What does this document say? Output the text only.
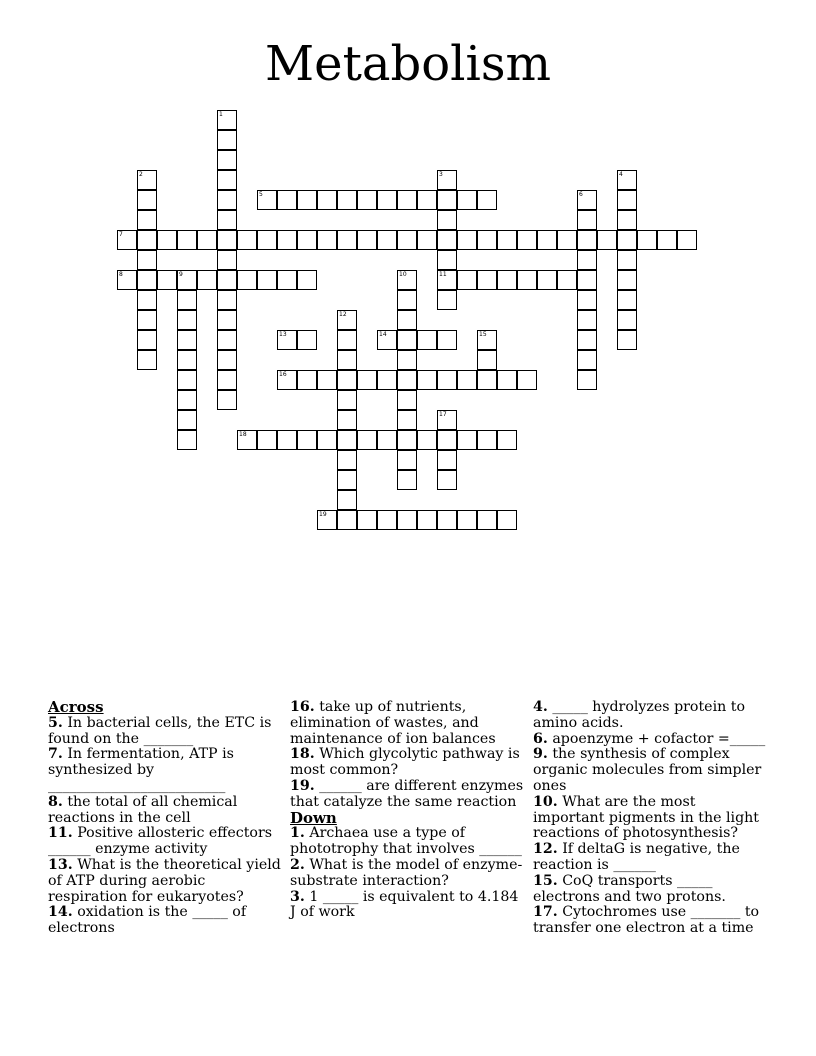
Metabolism
1
2	3
11
4
5	6
7
8	9	10
12
13	14	15
16
17
18
19
Across
5. In bacterial cells, the ETC is found on the _______
7. In fermentation, ATP is synthesized by _________________________
8. the total of all chemical reactions in the cell
11. Positive allosteric effectors ______ enzyme activity
13. What is the theoretical yield of ATP during aerobic respiration for eukaryotes?
14. oxidation is the _____ of electrons
16. take up of nutrients, elimination of wastes, and maintenance of ion balances
18. Which glycolytic pathway is most common?
19. ______ are different enzymes that catalyze the same reaction
Down
1. Archaea use a type of phototrophy that involves ______
2. What is the model of enzyme-substrate interaction?
3. 1 _____ is equivalent to 4.184 J of work
4. _____ hydrolyzes protein to amino acids.
6. apoenzyme + cofactor =_____
9. the synthesis of complex organic molecules from simpler ones
10. What are the most important pigments in the light reactions of photosynthesis?
12. If deltaG is negative, the reaction is ______
15. CoQ transports _____ electrons and two protons.
17. Cytochromes use _______ to transfer one electron at a time
